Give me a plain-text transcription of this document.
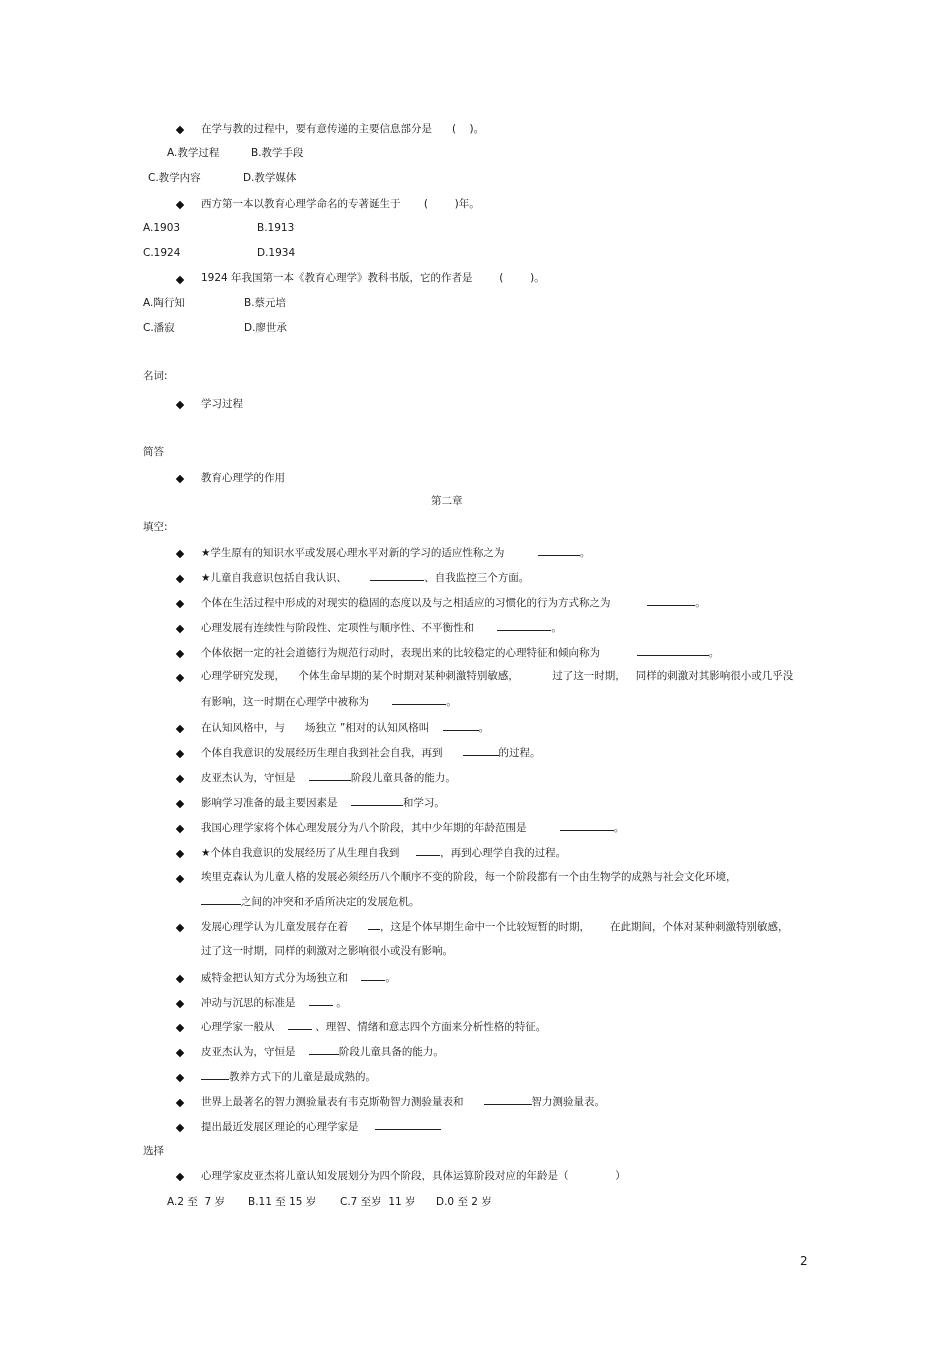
在学与教的过程中，要有意传递的主要信息部分是 (    )。
A.教学过程	B.教学手段
C.教学内容	D.教学媒体
西方第一本以教育心理学命名的专著诞生于 (        )年。
A.1903	B.1913
C.1924	D.1934
1924 年我国第一本《教育心理学》教科书版，它的作者是	(        )。
A.陶行知	B.蔡元培
C.潘寂	D.廖世承
名词:
学习过程
简答
教育心理学的作用
第二章
填空:
★学生原有的知识水平或发展心理水平对新的学习的适应性称之为	。
★儿童自我意识包括自我认识、	、自我监控三个方面。
个体在生活过程中形成的对现实的稳固的态度以及与之相适应的习惯化的行为方式称之为	。
心理发展有连续性与阶段性、定项性与顺序性、不平衡性和	。
个体依据一定的社会道德行为规范行动时，表现出来的比较稳定的心理特征和倾向称为	。
心理学研究发现，    个体生命早期的某个时期对某种刺激特别敏感，          过了这一时期，   同样的刺激对其影响很小或几乎没
有影响，这一时期在心理学中被称为	。
在认知风格中，与      场独立 ”相对的认知风格叫	。
个体自我意识的发展经历生理自我到社会自我，再到	的过程。
皮亚杰认为，守恒是	阶段儿童具备的能力。
影响学习准备的最主要因素是	和学习。
我国心理学家将个体心理发展分为八个阶段，其中少年期的年龄范围是	。
★个体自我意识的发展经历了从生理自我到	，再到心理学自我的过程。
埃里克森认为儿童人格的发展必须经历八个顺序不变的阶段，每一个阶段都有一个由生物学的成熟与社会文化环境，
之间的冲突和矛盾所决定的发展危机。
发展心理学认为儿童发展存在着	，这是个体早期生命中一个比较短暂的时期，      在此期间，个体对某种刺激特别敏感，
过了这一时期，同样的刺激对之影响很小或没有影响。
威特金把认知方式分为场独立和	。
冲动与沉思的标准是	。
心理学家一般从	、理智、情绪和意志四个方面来分析性格的特征。
皮亚杰认为，守恒是	阶段儿童具备的能力。
教养方式下的儿童是最成熟的。
世界上最著名的智力测验量表有韦克斯勒智力测验量表和	智力测验量表。
提出最近发展区理论的心理学家是
选择
心理学家皮亚杰将儿童认知发展划分为四个阶段，具体运算阶段对应的年龄是（              ）
A.2 至  7 岁 B.11 至 15 岁 C.7 至岁  11 岁 D.0 至 2 岁
2
